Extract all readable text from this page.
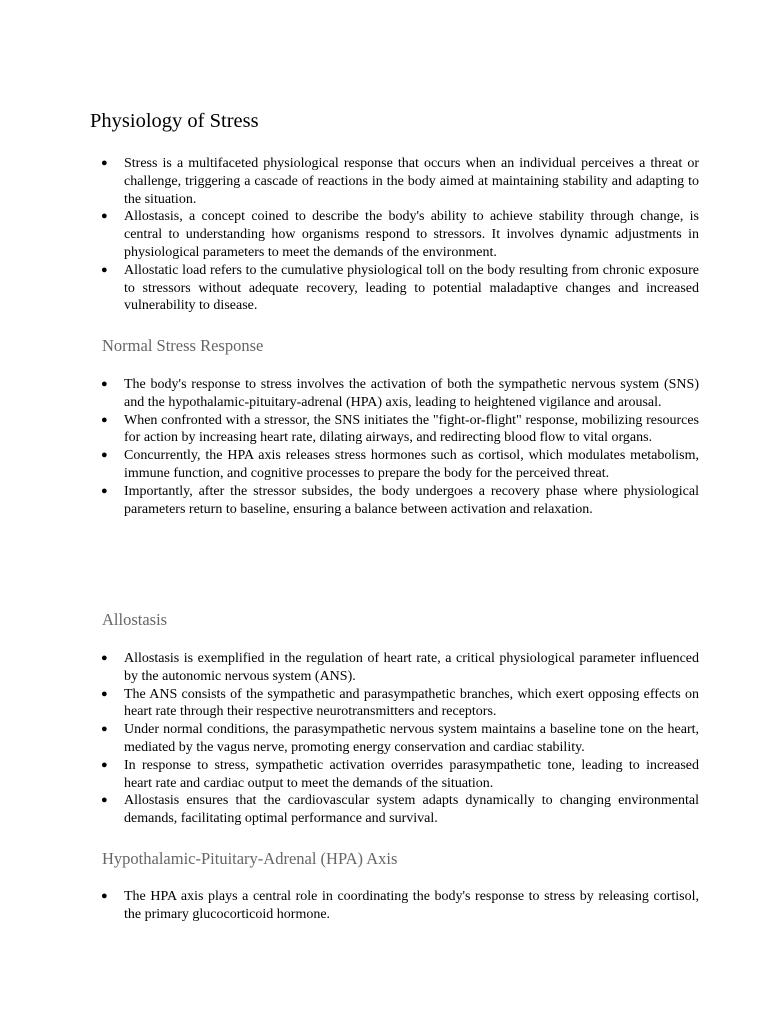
Physiology of Stress
● Stress is a multifaceted physiological response that occurs when an individual perceives a threat or challenge, triggering a cascade of reactions in the body aimed at maintaining stability and adapting to the situation.
● Allostasis, a concept coined to describe the body's ability to achieve stability through change, is central to understanding how organisms respond to stressors. It involves dynamic adjustments in physiological parameters to meet the demands of the environment.
● Allostatic load refers to the cumulative physiological toll on the body resulting from chronic exposure to stressors without adequate recovery, leading to potential maladaptive changes and increased vulnerability to disease.
Normal Stress Response
● The body's response to stress involves the activation of both the sympathetic nervous system (SNS) and the hypothalamic-pituitary-adrenal (HPA) axis, leading to heightened vigilance and arousal.
● When confronted with a stressor, the SNS initiates the "fight-or-flight" response, mobilizing resources for action by increasing heart rate, dilating airways, and redirecting blood flow to vital organs.
● Concurrently, the HPA axis releases stress hormones such as cortisol, which modulates metabolism, immune function, and cognitive processes to prepare the body for the perceived threat.
● Importantly, after the stressor subsides, the body undergoes a recovery phase where physiological parameters return to baseline, ensuring a balance between activation and relaxation.
Allostasis
● Allostasis is exemplified in the regulation of heart rate, a critical physiological parameter influenced by the autonomic nervous system (ANS).
● The ANS consists of the sympathetic and parasympathetic branches, which exert opposing effects on heart rate through their respective neurotransmitters and receptors.
● Under normal conditions, the parasympathetic nervous system maintains a baseline tone on the heart, mediated by the vagus nerve, promoting energy conservation and cardiac stability.
● In response to stress, sympathetic activation overrides parasympathetic tone, leading to increased heart rate and cardiac output to meet the demands of the situation.
● Allostasis ensures that the cardiovascular system adapts dynamically to changing environmental demands, facilitating optimal performance and survival.
Hypothalamic-Pituitary-Adrenal (HPA) Axis
● The HPA axis plays a central role in coordinating the body's response to stress by releasing cortisol, the primary glucocorticoid hormone.
